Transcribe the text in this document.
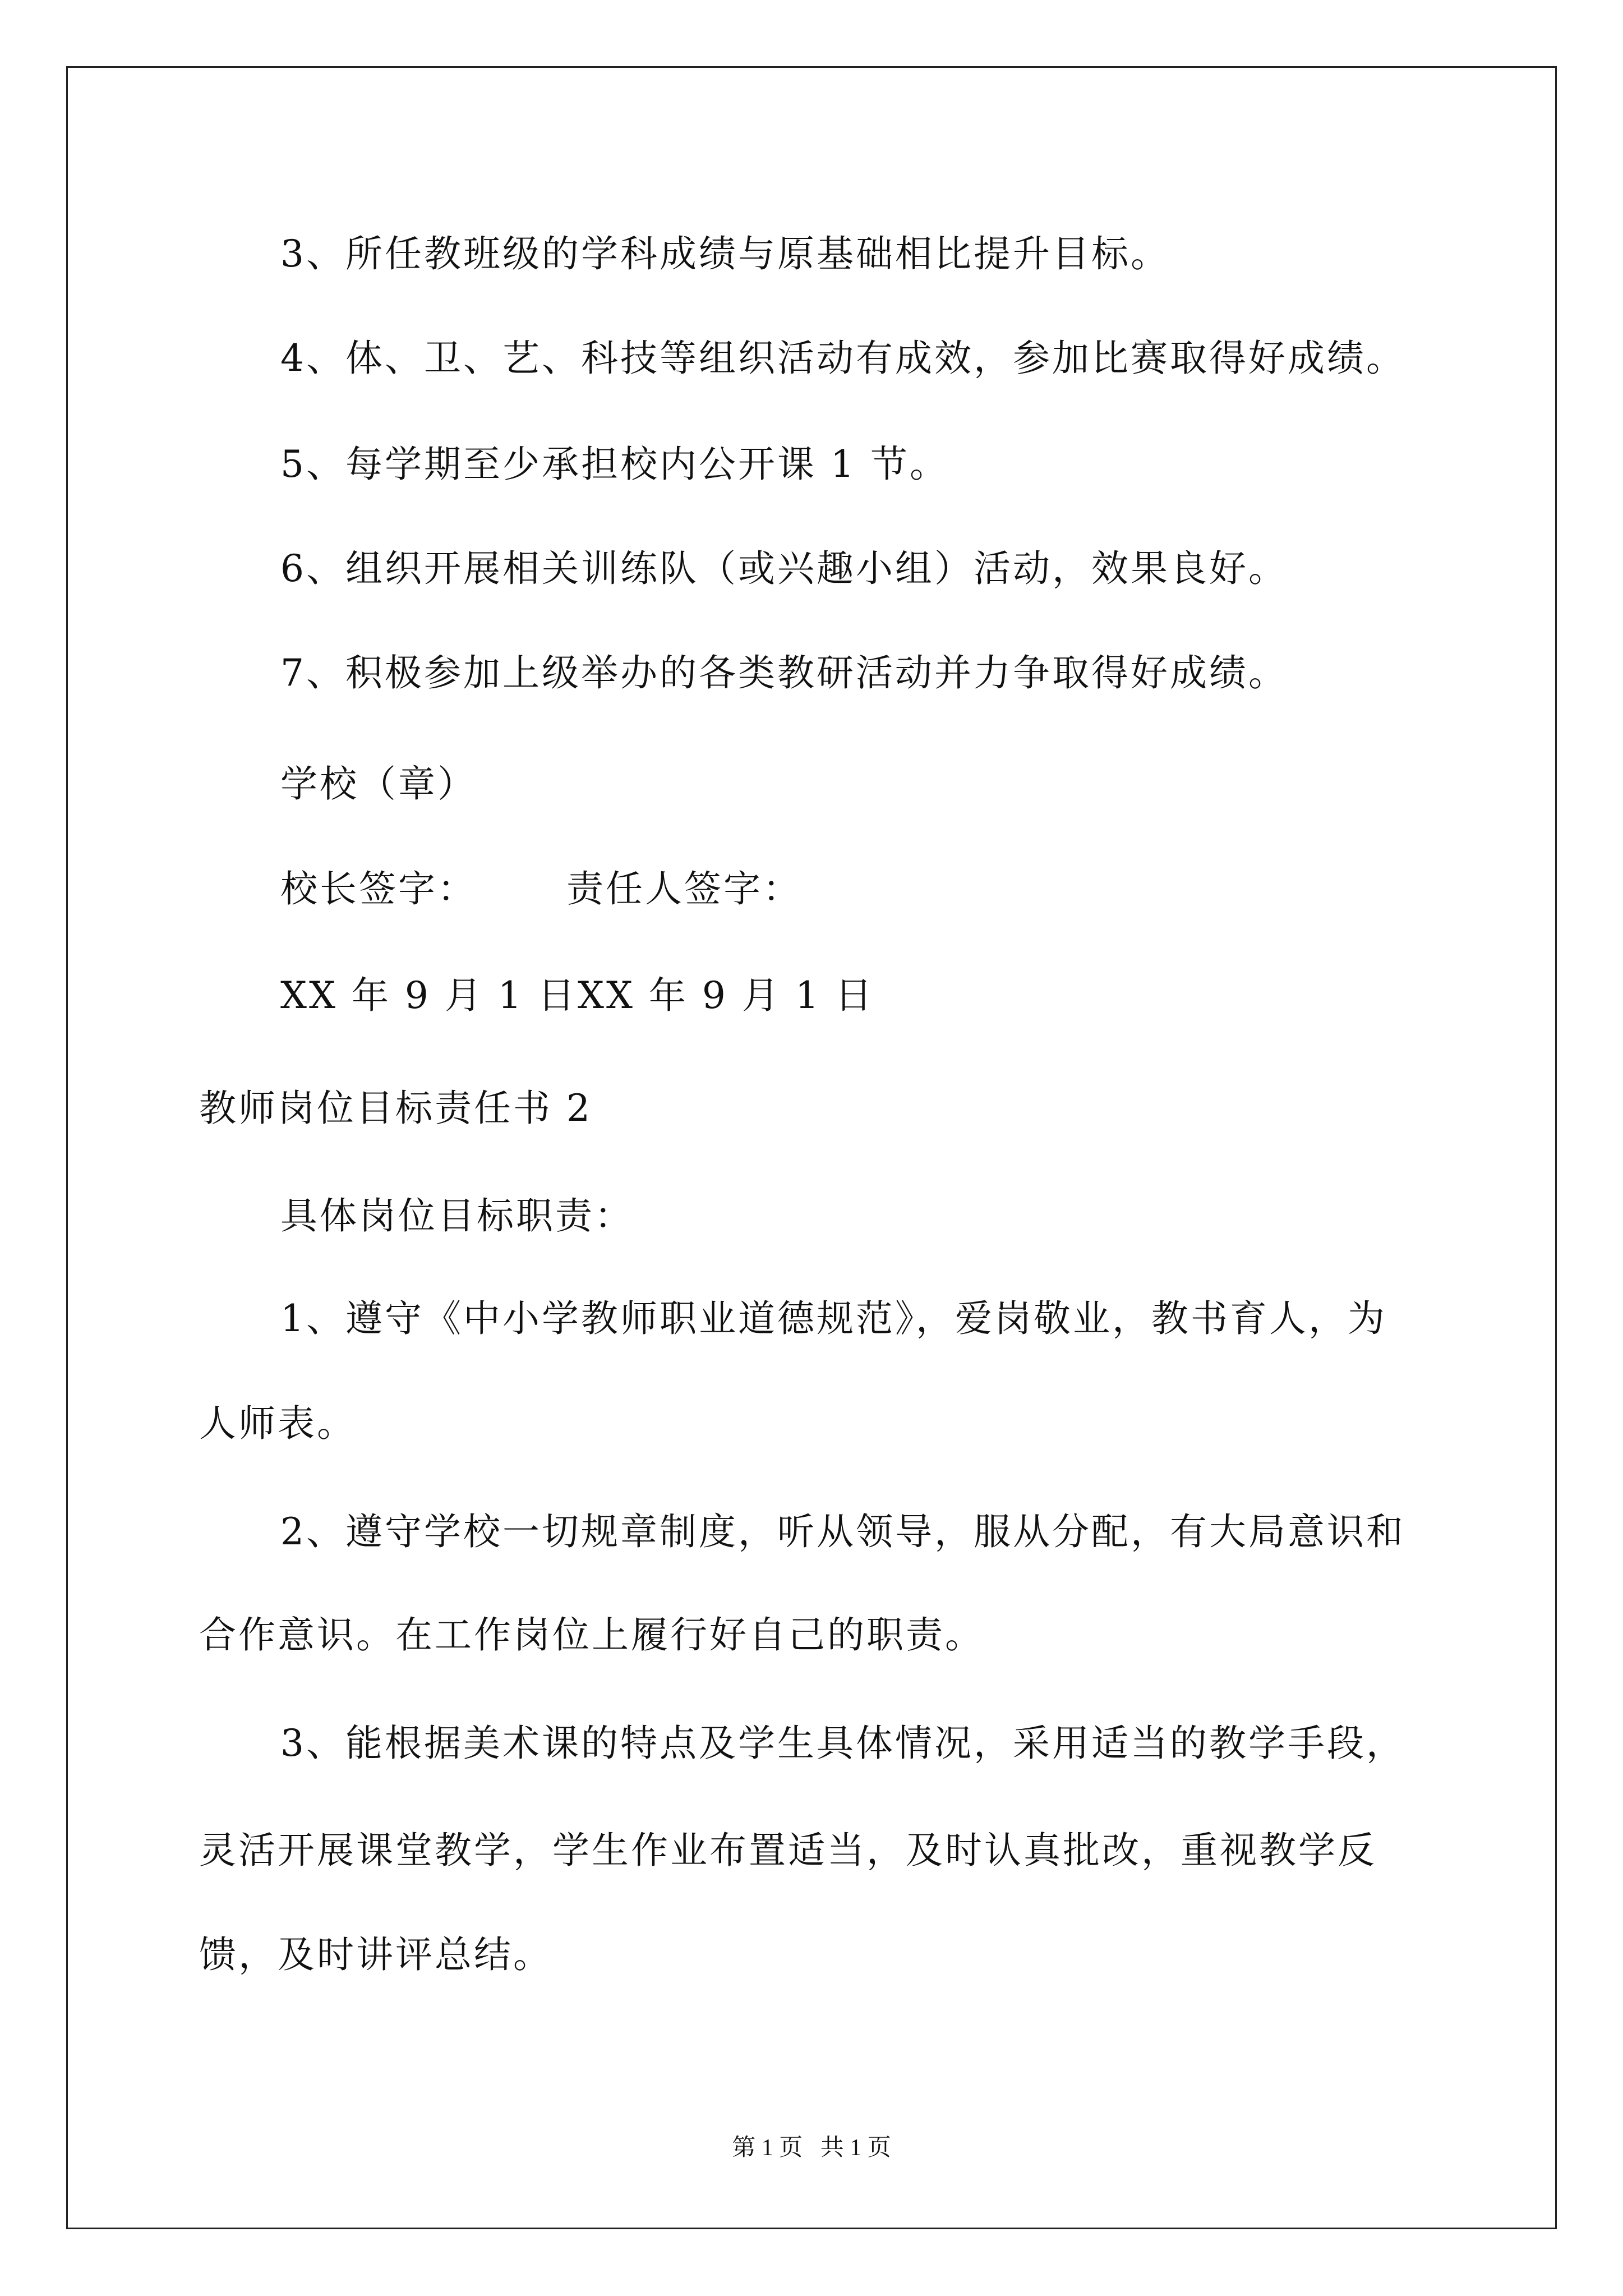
3、所任教班级的学科成绩与原基础相比提升目标。
4、体、卫、艺、科技等组织活动有成效，参加比赛取得好成绩。
5、每学期至少承担校内公开课 1 节。
6、组织开展相关训练队（或兴趣小组）活动，效果良好。
7、积极参加上级举办的各类教研活动并力争取得好成绩。
学校（章）
校长签字： 责任人签字：
XX 年 9 月 1 日 XX 年 9 月 1 日
教师岗位目标责任书 2
具体岗位目标职责：
1、遵守《中小学教师职业道德规范》，爱岗敬业，教书育人，为
人师表。
2、遵守学校一切规章制度，听从领导，服从分配，有大局意识和
合作意识。在工作岗位上履行好自己的职责。
3、能根据美术课的特点及学生具体情况，采用适当的教学手段，
灵活开展课堂教学，学生作业布置适当，及时认真批改，重视教学反
馈，及时讲评总结。
第 1 页   共 1 页
